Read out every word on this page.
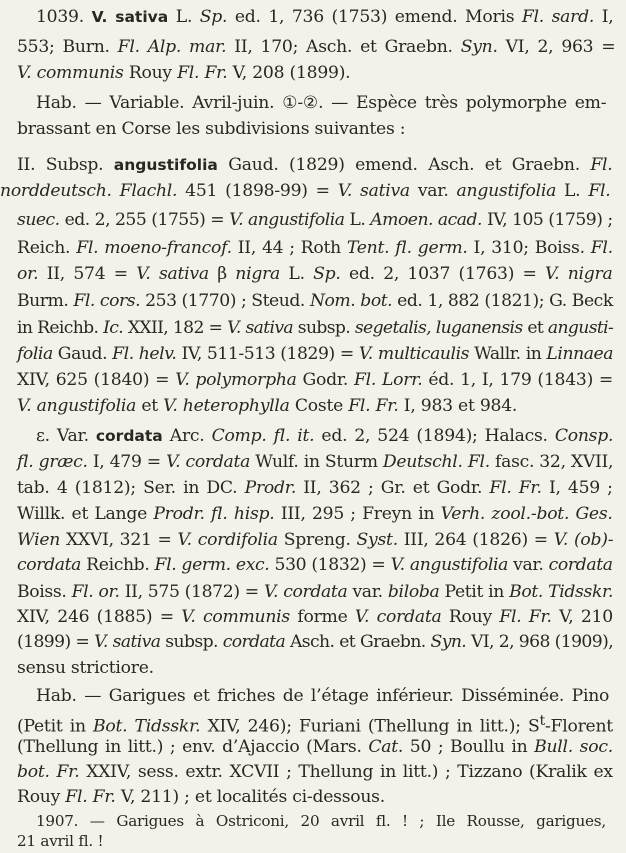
1039. V. sativa L. Sp. ed. 1, 736 (1753) emend. Moris Fl. sard. I,
553; Burn. Fl. Alp. mar. II, 170; Asch. et Graebn. Syn. VI, 2, 963 =
V. communis Rouy Fl. Fr. V, 208 (1899).
Hab. — Variable. Avril-juin. ①-②. — Espèce très polymorphe em-
brassant en Corse les subdivisions suivantes :
II. Subsp. angustifolia Gaud. (1829) emend. Asch. et Graebn. Fl.
norddeutsch. Flachl. 451 (1898-99) = V. sativa var. angustifolia L. Fl.
suec. ed. 2, 255 (1755) = V. angustifolia L. Amoen. acad. IV, 105 (1759) ;
Reich. Fl. moeno-francof. II, 44 ; Roth Tent. fl. germ. I, 310; Boiss. Fl.
or. II, 574 = V. sativa β nigra L. Sp. ed. 2, 1037 (1763) = V. nigra
Burm. Fl. cors. 253 (1770) ; Steud. Nom. bot. ed. 1, 882 (1821); G. Beck
in Reichb. Ic. XXII, 182 = V. sativa subsp. segetalis, luganensis et angusti-
folia Gaud. Fl. helv. IV, 511-513 (1829) = V. multicaulis Wallr. in Linnaea
XIV, 625 (1840) = V. polymorpha Godr. Fl. Lorr. éd. 1, I, 179 (1843) =
V. angustifolia et V. heterophylla Coste Fl. Fr. I, 983 et 984.
ε. Var. cordata Arc. Comp. fl. it. ed. 2, 524 (1894); Halacs. Consp.
fl. græc. I, 479 = V. cordata Wulf. in Sturm Deutschl. Fl. fasc. 32, XVII,
tab. 4 (1812); Ser. in DC. Prodr. II, 362 ; Gr. et Godr. Fl. Fr. I, 459 ;
Willk. et Lange Prodr. fl. hisp. III, 295 ; Freyn in Verh. zool.-bot. Ges.
Wien XXVI, 321 = V. cordifolia Spreng. Syst. III, 264 (1826) = V. (ob)-
cordata Reichb. Fl. germ. exc. 530 (1832) = V. angustifolia var. cordata
Boiss. Fl. or. II, 575 (1872) = V. cordata var. biloba Petit in Bot. Tidsskr.
XIV, 246 (1885) = V. communis forme V. cordata Rouy Fl. Fr. V, 210
(1899) = V. sativa subsp. cordata Asch. et Graebn. Syn. VI, 2, 968 (1909),
sensu strictiore.
Hab. — Garigues et friches de l’étage inférieur. Disséminée. Pino
(Petit in Bot. Tidsskr. XIV, 246); Furiani (Thellung in litt.); $S^t$-Florent
(Thellung in litt.) ; env. d’Ajaccio (Mars. Cat. 50 ; Boullu in Bull. soc.
bot. Fr. XXIV, sess. extr. XCVII ; Thellung in litt.) ; Tizzano (Kralik ex
Rouy Fl. Fr. V, 211) ; et localités ci-dessous.
1907. — Garigues à Ostriconi, 20 avril fl. ! ; Ile Rousse, garigues,
21 avril fl. !
